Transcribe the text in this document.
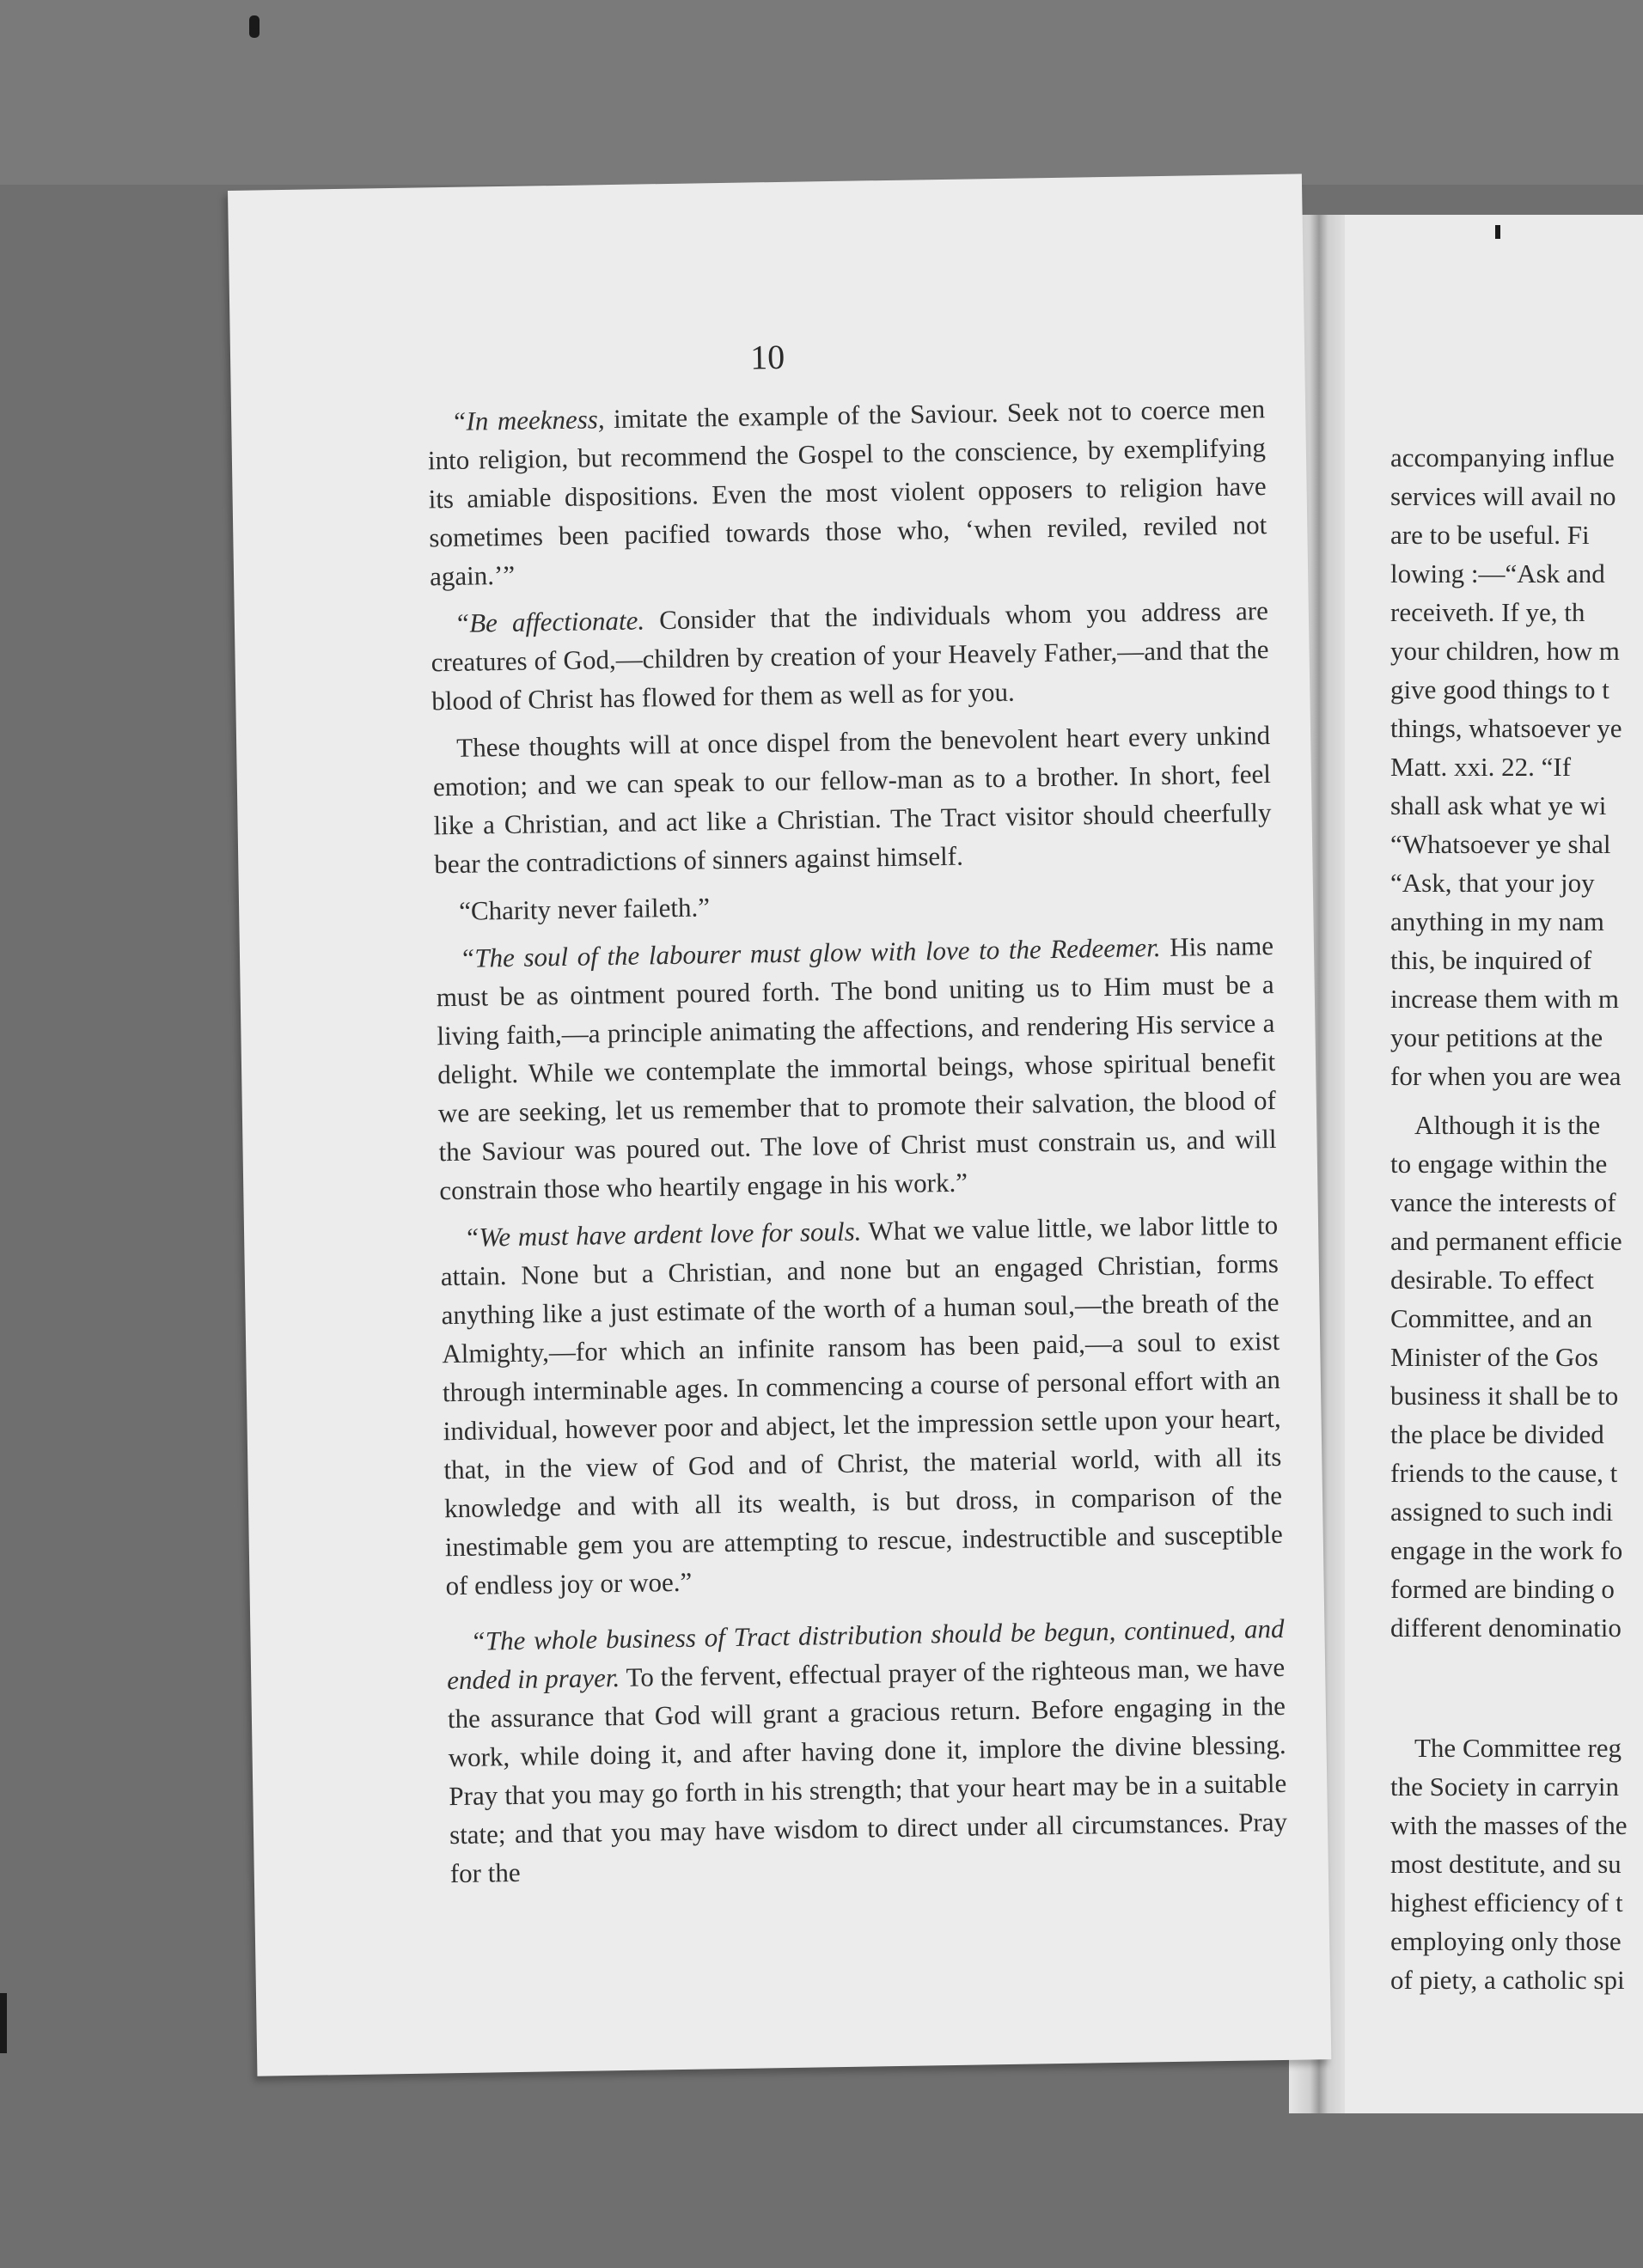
10

“In meekness, imitate the example of the Saviour. Seek not to coerce men into religion, but recommend the Gospel to the conscience, by exemplifying its amiable dispositions. Even the most violent opposers to religion have sometimes been pacified towards those who, ‘when reviled, reviled not again.’”

“Be affectionate. Consider that the individuals whom you address are creatures of God,—children by creation of your Heavely Father,—and that the blood of Christ has flowed for them as well as for you.

These thoughts will at once dispel from the benevolent heart every unkind emotion; and we can speak to our fellow-man as to a brother. In short, feel like a Christian, and act like a Christian. The Tract visitor should cheerfully bear the contradictions of sinners against himself.

“Charity never faileth.”

“The soul of the labourer must glow with love to the Redeemer. His name must be as ointment poured forth. The bond uniting us to Him must be a living faith,—a principle animating the affections, and rendering His service a delight. While we contemplate the immortal beings, whose spiritual benefit we are seeking, let us remember that to promote their salvation, the blood of the Saviour was poured out. The love of Christ must constrain us, and will constrain those who heartily engage in his work.”

“We must have ardent love for souls. What we value little, we labor little to attain. None but a Christian, and none but an engaged Christian, forms anything like a just estimate of the worth of a human soul,—the breath of the Almighty,—for which an infinite ransom has been paid,—a soul to exist through interminable ages. In commencing a course of personal effort with an individual, however poor and abject, let the impression settle upon your heart, that, in the view of God and of Christ, the material world, with all its knowledge and with all its wealth, is but dross, in comparison of the inestimable gem you are attempting to rescue, indestructible and susceptible of endless joy or woe.”

“The whole business of Tract distribution should be begun, continued, and ended in prayer. To the fervent, effectual prayer of the righteous man, we have the assurance that God will grant a gracious return. Before engaging in the work, while doing it, and after having done it, implore the divine blessing. Pray that you may go forth in his strength; that your heart may be in a suitable state; and that you may have wisdom to direct under all circumstances. Pray for the

accompanying influe
services will avail no
are to be useful. Fi
lowing :—“Ask and
receiveth. If ye, th
your children, how m
give good things to t
things, whatsoever ye
Matt. xxi. 22. “If
shall ask what ye wi
“Whatsoever ye shal
“Ask, that your joy
anything in my nam
this, be inquired of
increase them with m
your petitions at the
for when you are wea
Although it is the
to engage within the
vance the interests of
and permanent efficie
desirable. To effect
Committee, and an
Minister of the Gos
business it shall be to
the place be divided
friends to the cause, t
assigned to such indi
engage in the work fo
formed are binding o
different denominatio
The Committee reg
the Society in carryin
with the masses of the
most destitute, and su
highest efficiency of t
employing only those
of piety, a catholic spi
